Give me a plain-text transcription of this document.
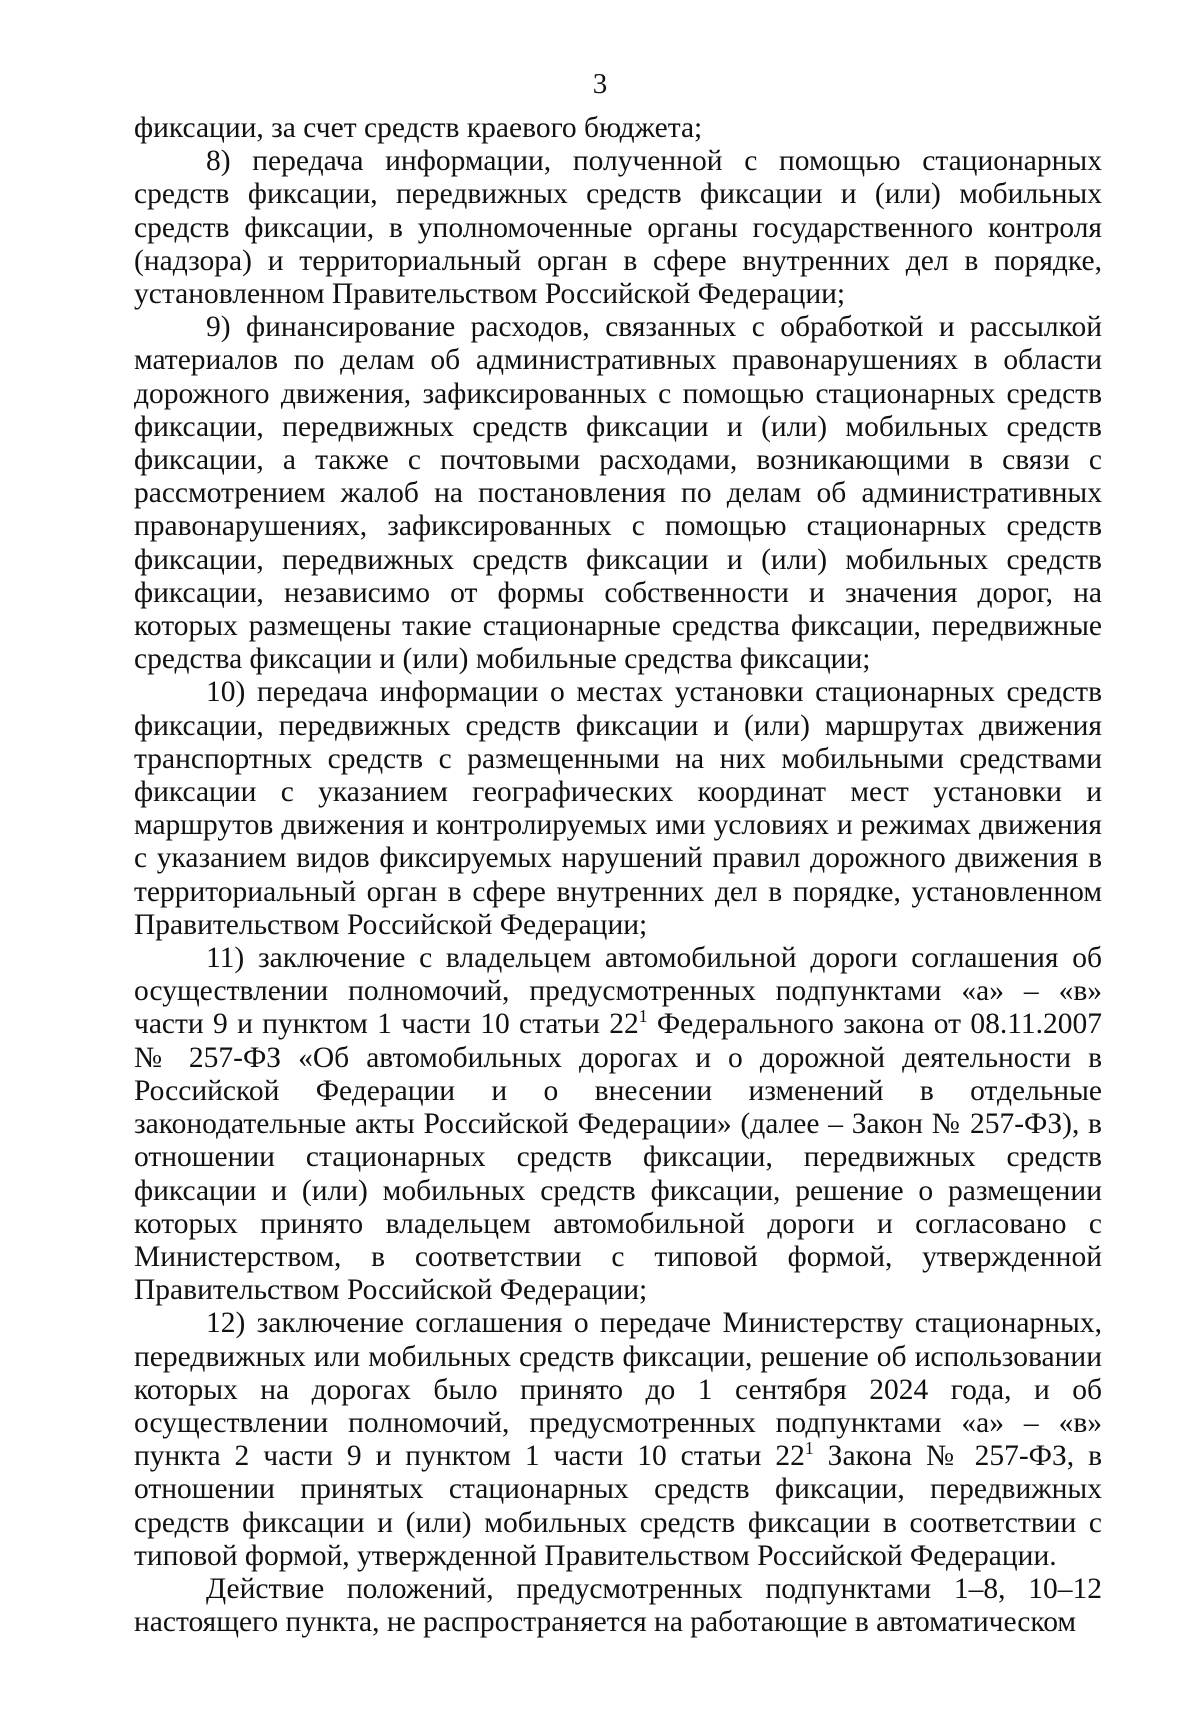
3

фиксации, за счет средств краевого бюджета;

8) передача информации, полученной с помощью стационарных средств фиксации, передвижных средств фиксации и (или) мобильных средств фиксации, в уполномоченные органы государственного контроля (надзора) и территориальный орган в сфере внутренних дел в порядке, установленном Правительством Российской Федерации;

9) финансирование расходов, связанных с обработкой и рассылкой материалов по делам об административных правонарушениях в области дорожного движения, зафиксированных с помощью стационарных средств фиксации, передвижных средств фиксации и (или) мобильных средств фиксации, а также с почтовыми расходами, возникающими в связи с рассмотрением жалоб на постановления по делам об административных правонарушениях, зафиксированных с помощью стационарных средств фиксации, передвижных средств фиксации и (или) мобильных средств фиксации, независимо от формы собственности и значения дорог, на которых размещены такие стационарные средства фиксации, передвижные средства фиксации и (или) мобильные средства фиксации;

10) передача информации о местах установки стационарных средств фиксации, передвижных средств фиксации и (или) маршрутах движения транспортных средств с размещенными на них мобильными средствами фиксации с указанием географических координат мест установки и маршрутов движения и контролируемых ими условиях и режимах движения с указанием видов фиксируемых нарушений правил дорожного движения в территориальный орган в сфере внутренних дел в порядке, установленном Правительством Российской Федерации;

11) заключение с владельцем автомобильной дороги соглашения об осуществлении полномочий, предусмотренных подпунктами «а» – «в» части 9 и пунктом 1 части 10 статьи $22^1$ Федерального закона от 08.11.2007 № 257-ФЗ «Об автомобильных дорогах и о дорожной деятельности в Российской Федерации и о внесении изменений в отдельные законодательные акты Российской Федерации» (далее – Закон № 257-ФЗ), в отношении стационарных средств фиксации, передвижных средств фиксации и (или) мобильных средств фиксации, решение о размещении которых принято владельцем автомобильной дороги и согласовано с Министерством, в соответствии с типовой формой, утвержденной Правительством Российской Федерации;

12) заключение соглашения о передаче Министерству стационарных, передвижных или мобильных средств фиксации, решение об использовании которых на дорогах было принято до 1 сентября 2024 года, и об осуществлении полномочий, предусмотренных подпунктами «а» – «в» пункта 2 части 9 и пунктом 1 части 10 статьи $22^1$ Закона № 257-ФЗ, в отношении принятых стационарных средств фиксации, передвижных средств фиксации и (или) мобильных средств фиксации в соответствии с типовой формой, утвержденной Правительством Российской Федерации.

Действие положений, предусмотренных подпунктами 1–8, 10–12 настоящего пункта, не распространяется на работающие в автоматическом
